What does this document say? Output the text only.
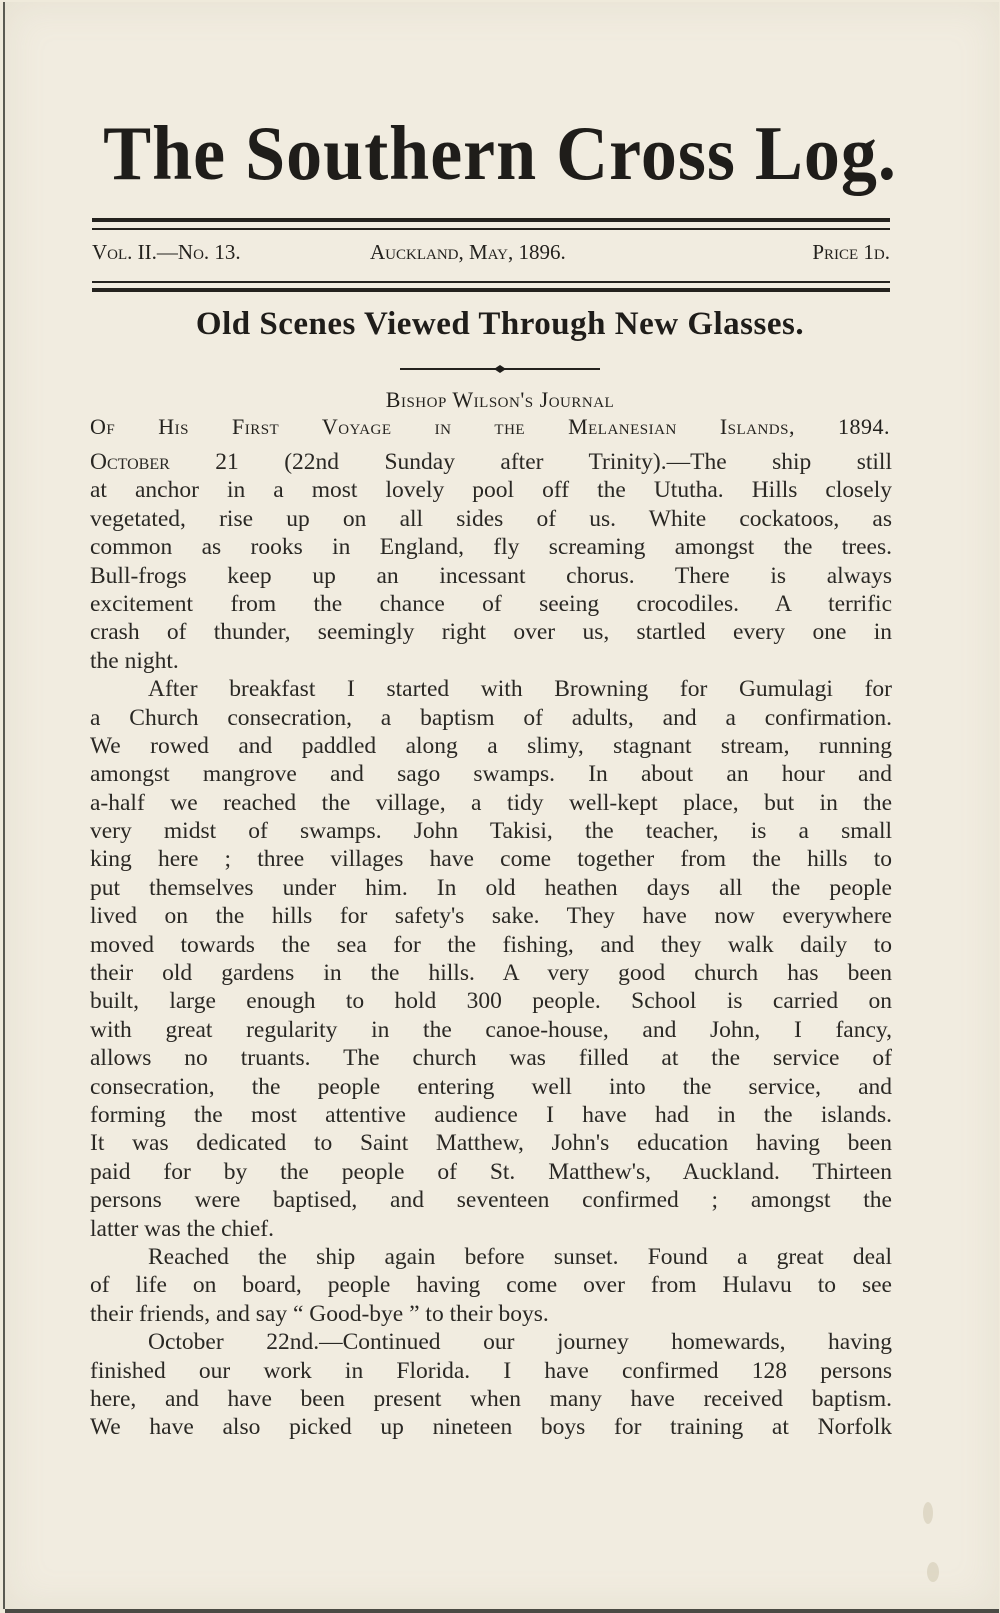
The Southern Cross Log.
Vol. II.—No. 13.	Auckland, May, 1896.	Price 1d.
Old Scenes Viewed Through New Glasses.
Bishop Wilson's Journal
Of His First Voyage in the Melanesian Islands, 1894.
October 21 (22nd Sunday after Trinity).—The ship still
at anchor in a most lovely pool off the Ututha. Hills closely
vegetated, rise up on all sides of us. White cockatoos, as
common as rooks in England, fly screaming amongst the trees.
Bull-frogs keep up an incessant chorus. There is always
excitement from the chance of seeing crocodiles. A terrific
crash of thunder, seemingly right over us, startled every one in
the night.
After breakfast I started with Browning for Gumulagi for
a Church consecration, a baptism of adults, and a confirmation.
We rowed and paddled along a slimy, stagnant stream, running
amongst mangrove and sago swamps. In about an hour and
a-half we reached the village, a tidy well-kept place, but in the
very midst of swamps. John Takisi, the teacher, is a small
king here ; three villages have come together from the hills to
put themselves under him. In old heathen days all the people
lived on the hills for safety's sake. They have now everywhere
moved towards the sea for the fishing, and they walk daily to
their old gardens in the hills. A very good church has been
built, large enough to hold 300 people. School is carried on
with great regularity in the canoe-house, and John, I fancy,
allows no truants. The church was filled at the service of
consecration, the people entering well into the service, and
forming the most attentive audience I have had in the islands.
It was dedicated to Saint Matthew, John's education having been
paid for by the people of St. Matthew's, Auckland. Thirteen
persons were baptised, and seventeen confirmed ; amongst the
latter was the chief.
Reached the ship again before sunset. Found a great deal
of life on board, people having come over from Hulavu to see
their friends, and say “ Good-bye ” to their boys.
October 22nd.—Continued our journey homewards, having
finished our work in Florida. I have confirmed 128 persons
here, and have been present when many have received baptism.
We have also picked up nineteen boys for training at Norfolk
